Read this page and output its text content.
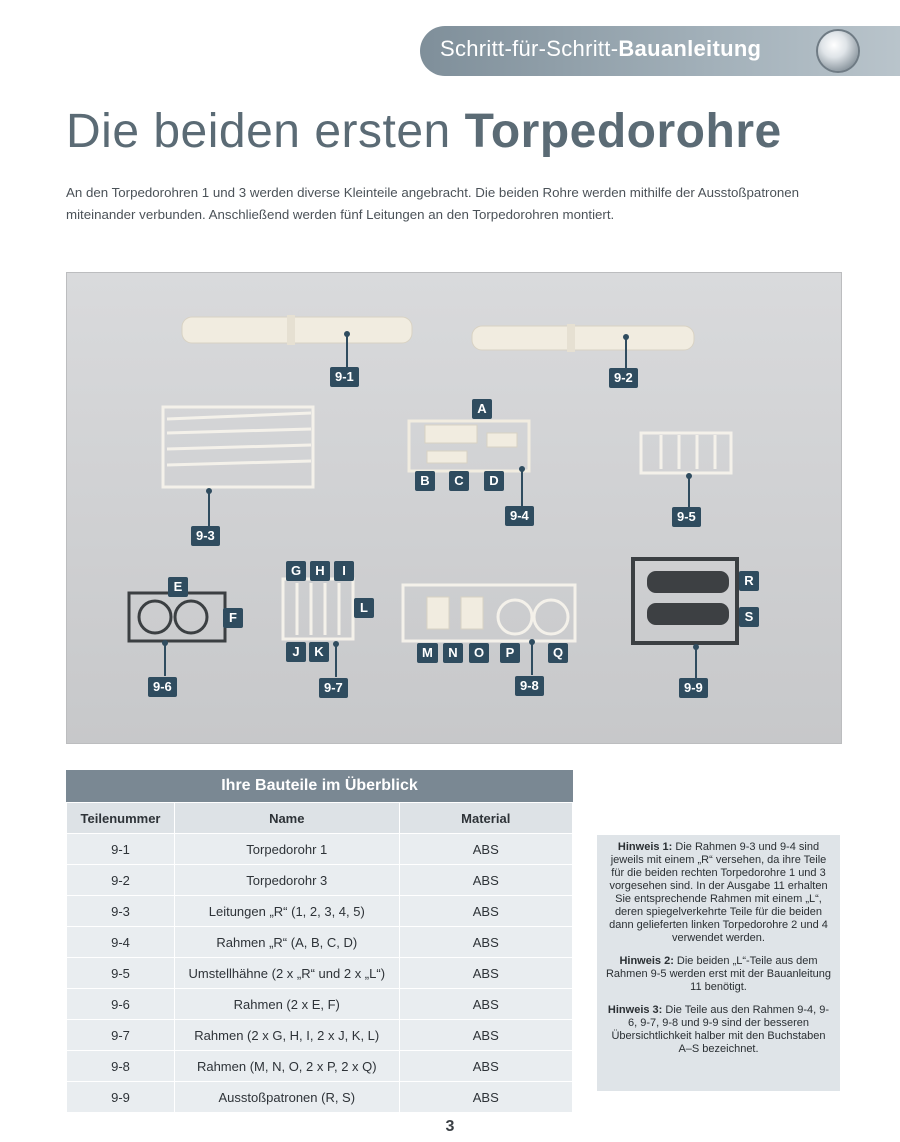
Schritt-für-Schritt-Bauanleitung
Die beiden ersten Torpedorohre
An den Torpedorohren 1 und 3 werden diverse Kleinteile angebracht. Die beiden Rohre werden mithilfe der Ausstoßpatronen miteinander verbunden. Anschließend werden fünf Leitungen an den Torpedorohren montiert.
9-1	9-2
9-3
9-4	9-5
9-6	9-7	9-8	9-9
A
B	C	D
E
F
G	H	I
J	K
L
M	N	O	P	Q
R
S
Ihre Bauteile im Überblick
Teilenummer	Name	Material
9-1	Torpedorohr 1	ABS
9-2	Torpedorohr 3	ABS
9-3	Leitungen „R“ (1, 2, 3, 4, 5)	ABS
9-4	Rahmen „R“ (A, B, C, D)	ABS
9-5	Umstellhähne (2 x „R“ und 2 x „L“)	ABS
9-6	Rahmen (2 x E, F)	ABS
9-7	Rahmen (2 x G, H, I, 2 x J, K, L)	ABS
9-8	Rahmen (M, N, O, 2 x P, 2 x Q)	ABS
9-9	Ausstoßpatronen (R, S)	ABS

Hinweis 1: Die Rahmen 9-3 und 9-4 sind jeweils mit einem „R“ versehen, da ihre Teile für die beiden rechten Torpedorohre 1 und 3 vorgesehen sind. In der Ausgabe 11 erhalten Sie entsprechende Rahmen mit einem „L“, deren spiegelverkehrte Teile für die beiden dann gelieferten linken Torpedorohre 2 und 4 verwendet werden.

Hinweis 2: Die beiden „L“-Teile aus dem Rahmen 9-5 werden erst mit der Bauanleitung 11 benötigt.

Hinweis 3: Die Teile aus den Rahmen 9-4, 9-6, 9-7, 9-8 und 9-9 sind der besseren Übersichtlichkeit halber mit den Buchstaben A–S bezeichnet.

3
